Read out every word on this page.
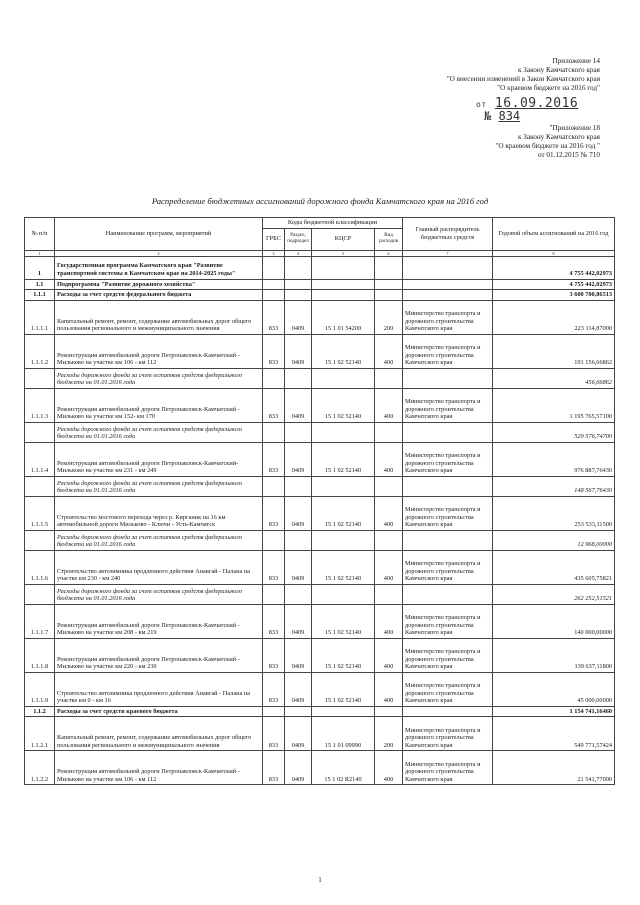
Приложение 14
к Закону Камчатского края
"О внесении изменений в Закон Камчатского края
"О краевом бюджете на 2016 год"
от 16.09.2016
№ 834
"Приложение 18
к Закону Камчатского края
"О краевом бюджете на 2016 год "
от 01.12.2015 № 710
Распределение бюджетных ассигнований дорожного фонда Камчатского края на 2016 год
№ п/п	Наименование программ, мероприятий	Коды бюджетной классификации				Главный распорядитель бюджетных средств	Годовой объем ассигнований на 2016 год
		ГРБС	Раздел, подраздел	КЦСР	Вид расходов		
1	2	3	4	5	6	7	8
1	Государственная программа Камчатского края "Развитие транспортной системы в Камчатском крае на 2014-2025 годы"						4 755 442,02973
1.1	Подпрограмма "Развитие дорожного хозяйства"						4 755 442,02973
1.1.1	Расходы за счет средств федерального бюджета						3 600 700,86513
1.1.1.1	Капитальный ремонт, ремонт, содержание автомобильных дорог общего пользования регионального и межмуниципального значения	833	0409	15 1 01 54200	200	Министерство транспорта и дорожного строительства Камчатского края	223 114,87000
1.1.1.2	Реконструкция автомобильной дороги Петропавловск-Камчатский - Мильково на участке км 106 - км 112	833	0409	15 1 02 52140	400	Министерство транспорта и дорожного строительства Камчатского края	191 156,66862
	Расходы дорожного фонда за счет остатков средств федерального бюджета на 01.01.2016 года						456,66862
1.1.1.3	Реконструкция автомобильной дороги Петропавловск-Камчатский - Мильково на участке км 152- км 170	833	0409	15 1 02 52140	400	Министерство транспорта и дорожного строительства Камчатского края	1 195 765,57100
	Расходы дорожного фонда за счет остатков средств федерального бюджета на 01.01.2016 года						529 576,74700
1.1.1.4	Реконструкция автомобильной дороги Петропавловск-Камчатский-Мильково на участке км 231 - км 249	833	0409	15 1 02 52140	400	Министерство транспорта и дорожного строительства Камчатского края	976 887,76430
	Расходы дорожного фонда за счет остатков средств федерального бюджета на 01.01.2016 года						148 567,76430
1.1.1.5	Строительство мостового перехода через р. Кирганик на 16 км автомобильной дороги Мильково - Ключи - Усть-Камчатск	833	0409	15 1 02 52140	400	Министерство транспорта и дорожного строительства Камчатского края	253 533,11500
	Расходы дорожного фонда за счет остатков средств федерального бюджета на 01.01.2016 года						12 968,00000
1.1.1.6	Строительство автозимника продленного действия Анавгай - Палана на участке км 230 - км 240	833	0409	15 1 02 52140	400	Министерство транспорта и дорожного строительства Камчатского края	435 605,75821
	Расходы дорожного фонда за счет остатков средств федерального бюджета на 01.01.2016 года						262 252,51521
1.1.1.7	Реконструкция автомобильной дороги Петропавловск-Камчатский - Мильково на участке км 208 - км 219	833	0409	15 1 02 52140	400	Министерство транспорта и дорожного строительства Камчатского края	140 000,00000
1.1.1.8	Реконструкция автомобильной дороги Петропавловск-Камчатский - Мильково на участке км 220 - км 230	833	0409	15 1 02 52140	400	Министерство транспорта и дорожного строительства Камчатского края	139 637,11800
1.1.1.9	Строительство автозимника продленного действия Анавгай - Палана на участке км 0 - км 16	833	0409	15 1 02 52140	400	Министерство транспорта и дорожного строительства Камчатского края	45 000,00000
1.1.2	Расходы за счет средств краевого бюджета						1 154 741,16460
1.1.2.1	Капитальный ремонт, ремонт, содержание автомобильных дорог общего пользования регионального и межмуниципального значения	833	0409	15 1 01 09990	200	Министерство транспорта и дорожного строительства Камчатского края	549 771,57424
1.1.2.2	Реконструкция автомобильной дороги Петропавловск-Камчатский - Мильково на участке км 106 - км 112	833	0409	15 1 02 R2140	400	Министерство транспорта и дорожного строительства Камчатского края	21 541,77000
1
